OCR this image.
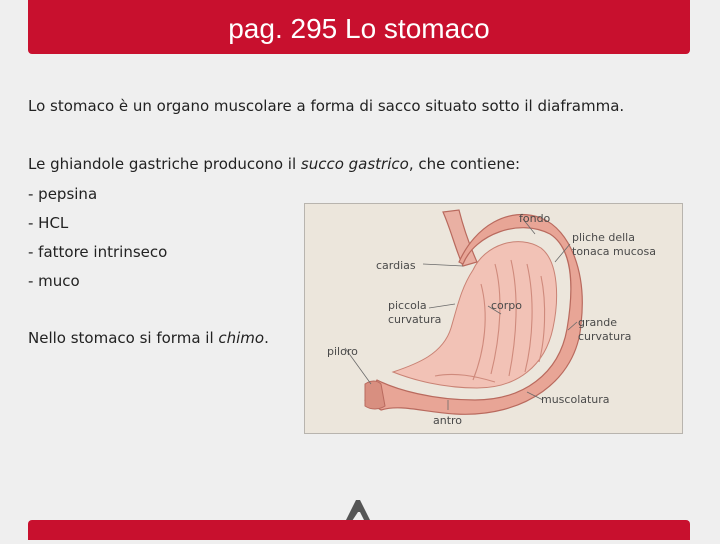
pag. 295 Lo stomaco

Lo stomaco è un organo muscolare a forma di sacco situato sotto il diaframma.

Le ghiandole gastriche producono il succo gastrico, che contiene:

- pepsina

- HCL

- fattore intrinseco

- muco

Nello stomaco si forma il chimo.

fondo
pliche della
tonaca mucosa
cardias
piccola
curvatura
corpo
grande
curvatura
piloro
muscolatura
antro
